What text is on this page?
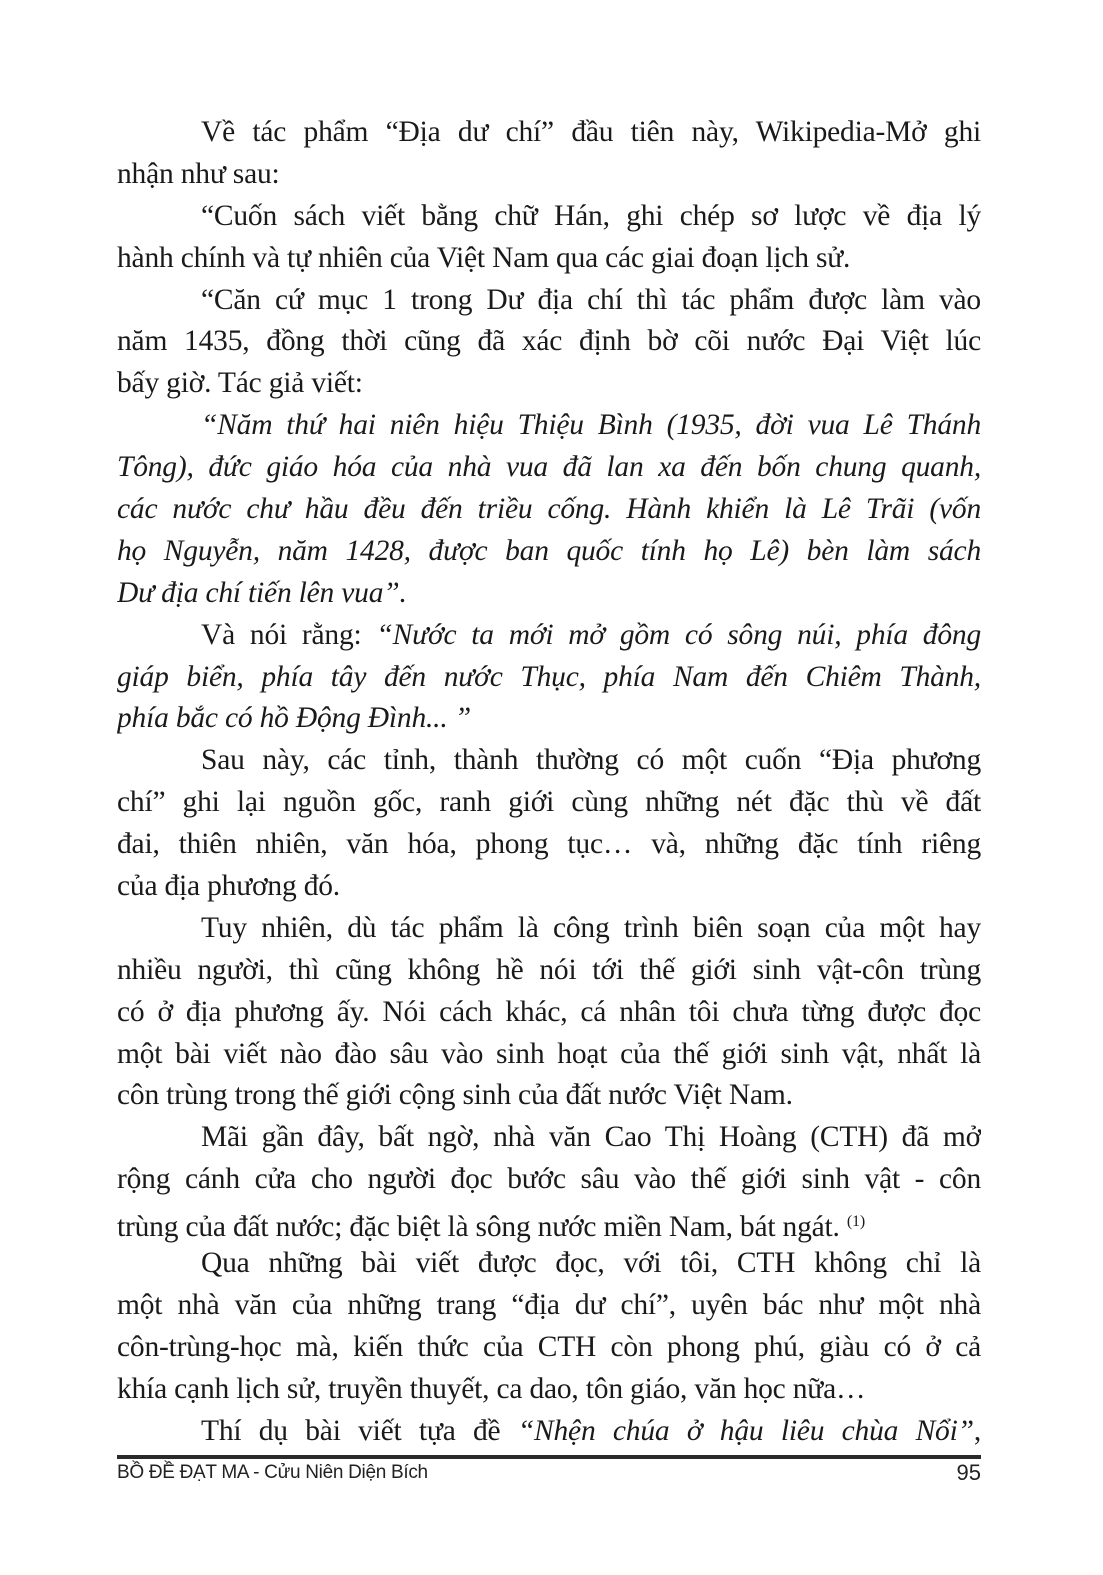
Về tác phẩm “Địa dư chí” đầu tiên này, Wikipedia-Mở ghi
nhận như sau:
“Cuốn sách viết bằng chữ Hán, ghi chép sơ lược về địa lý
hành chính và tự nhiên của Việt Nam qua các giai đoạn lịch sử.
“Căn cứ mục 1 trong Dư địa chí thì tác phẩm được làm vào
năm 1435, đồng thời cũng đã xác định bờ cõi nước Đại Việt lúc
bấy giờ. Tác giả viết:
“Năm thứ hai niên hiệu Thiệu Bình (1935, đời vua Lê Thánh
Tông), đức giáo hóa của nhà vua đã lan xa đến bốn chung quanh,
các nước chư hầu đều đến triều cống. Hành khiển là Lê Trãi (vốn
họ Nguyễn, năm 1428, được ban quốc tính họ Lê) bèn làm sách
Dư địa chí tiến lên vua”.
Và nói rằng: “Nước ta mới mở gồm có sông núi, phía đông
giáp biển, phía tây đến nước Thục, phía Nam đến Chiêm Thành,
phía bắc có hồ Động Đình... ”
Sau này, các tỉnh, thành thường có một cuốn “Địa phương
chí” ghi lại nguồn gốc, ranh giới cùng những nét đặc thù về đất
đai, thiên nhiên, văn hóa, phong tục… và, những đặc tính riêng
của địa phương đó.
Tuy nhiên, dù tác phẩm là công trình biên soạn của một hay
nhiều người, thì cũng không hề nói tới thế giới sinh vật-côn trùng
có ở địa phương ấy. Nói cách khác, cá nhân tôi chưa từng được đọc
một bài viết nào đào sâu vào sinh hoạt của thế giới sinh vật, nhất là
côn trùng trong thế giới cộng sinh của đất nước Việt Nam.
Mãi gần đây, bất ngờ, nhà văn Cao Thị Hoàng (CTH) đã mở
rộng cánh cửa cho người đọc bước sâu vào thế giới sinh vật - côn
trùng của đất nước; đặc biệt là sông nước miền Nam, bát ngát. $^{(1)}$
Qua những bài viết được đọc, với tôi, CTH không chỉ là
một nhà văn của những trang “địa dư chí”, uyên bác như một nhà
côn-trùng-học mà, kiến thức của CTH còn phong phú, giàu có ở cả
khía cạnh lịch sử, truyền thuyết, ca dao, tôn giáo, văn học nữa…
Thí dụ bài viết tựa đề “Nhện chúa ở hậu liêu chùa Nổi”,
BỒ ĐỀ ĐẠT MA - Cửu Niên Diện Bích	95
